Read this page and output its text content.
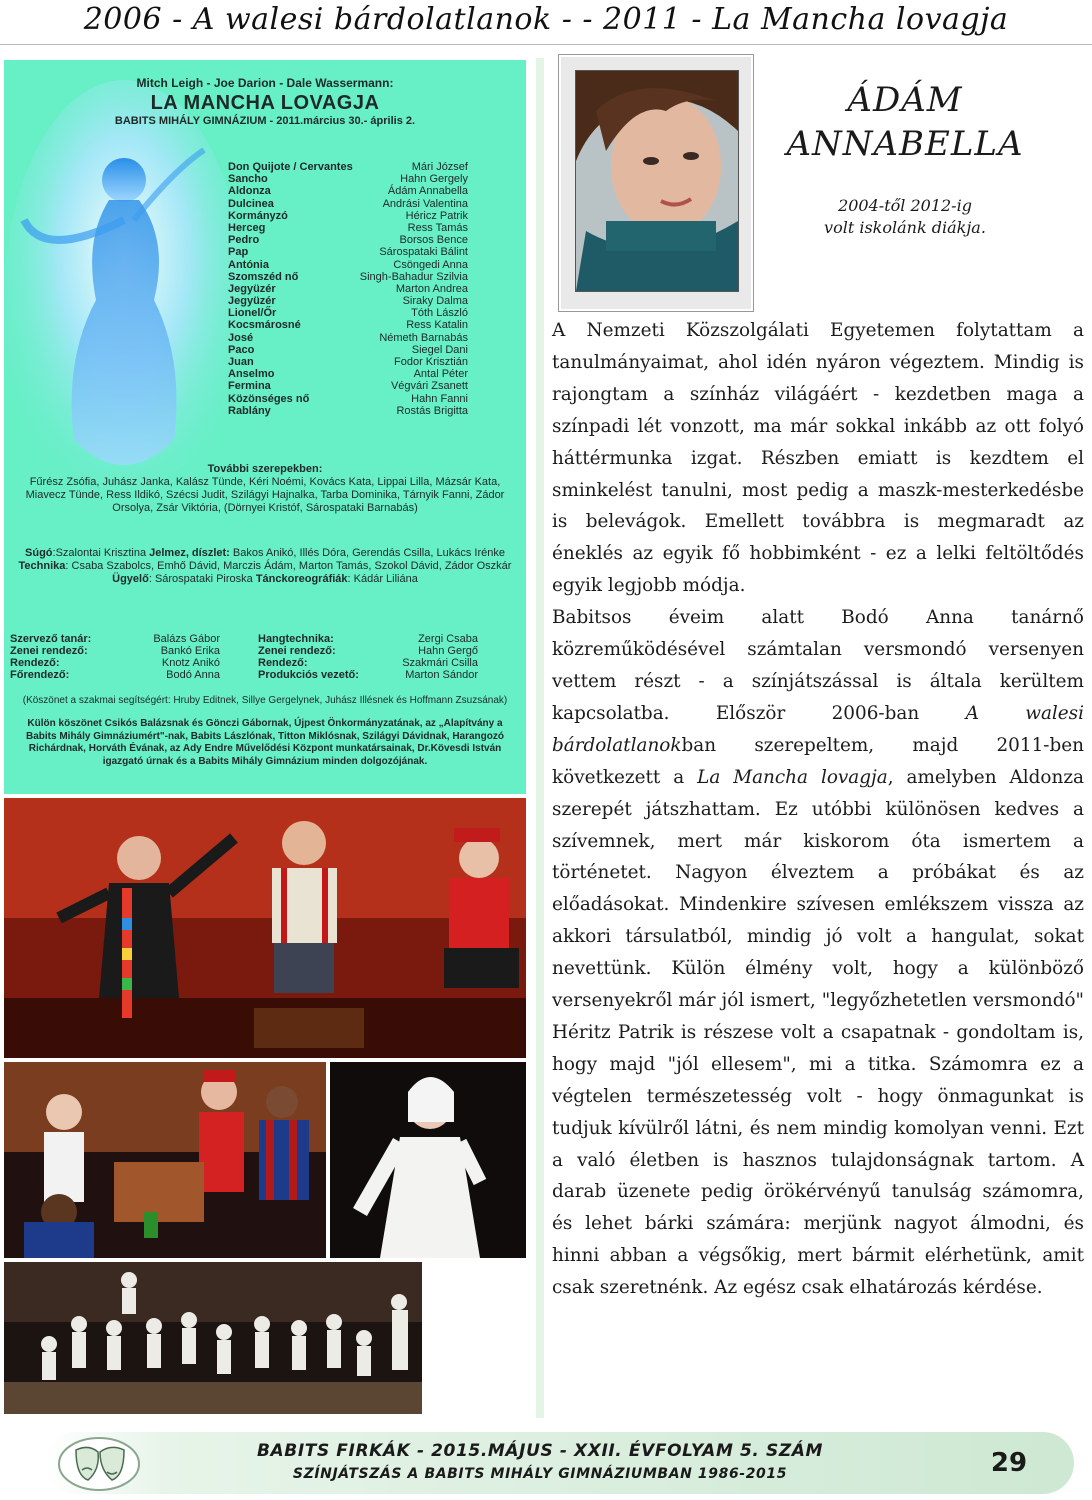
2006 - A walesi bárdolatlanok - - 2011 - La Mancha lovagja
Mitch Leigh - Joe Darion - Dale Wassermann:
LA MANCHA LOVAGJA
BABITS MIHÁLY GIMNÁZIUM - 2011.március 30.- április 2.
Don Quijote / Cervantes	Mári József
Sancho	Hahn Gergely
Aldonza	Ádám Annabella
Dulcinea	Andrási Valentina
Kormányzó	Héricz Patrik
Herceg	Ress Tamás
Pedro	Borsos Bence
Pap	Sárospataki Bálint
Antónia	Csöngedi Anna
Szomszéd nő	Singh-Bahadur Szilvia
Jegyüzér	Marton Andrea
Jegyüzér	Siraky Dalma
Lionel/Őr	Tóth László
Kocsmárosné	Ress Katalin
José	Németh Barnabás
Paco	Siegel Dani
Juan	Fodor Krisztián
Anselmo	Antal Péter
Fermina	Végvári Zsanett
Közönséges nő	Hahn Fanni
Rablány	Rostás Brigitta
További szerepekben:
Fűrész Zsófia, Juhász Janka, Kalász Tünde, Kéri Noémi, Kovács Kata, Lippai Lilla, Mázsár Kata, Miavecz Tünde, Ress Ildikó, Szécsi Judit, Szilágyi Hajnalka, Tarba Dominika, Tárnyik Fanni, Zádor Orsolya, Zsár Viktória, (Dörnyei Kristóf, Sárospataki Barnabás)
Súgó:Szalontai Krisztina Jelmez, díszlet: Bakos Anikó, Illés Dóra, Gerendás Csilla, Lukács Irénke Technika: Csaba Szabolcs, Emhő Dávid, Marczis Ádám, Marton Tamás, Szokol Dávid, Zádor Oszkár Ügyelő: Sárospataki Piroska Tánckoreográfiák: Kádár Liliána
Szervező tanár:	Balázs Gábor
Zenei rendező:	Bankó Erika
Rendező:	Knotz Anikó
Főrendező:	Bodó Anna
Hangtechnika:	Zergi Csaba
Zenei rendező:	Hahn Gergő
Rendező:	Szakmári Csilla
Produkciós vezető:	Marton Sándor
(Köszönet a szakmai segítségért: Hruby Editnek, Sillye Gergelynek, Juhász Illésnek és Hoffmann Zsuzsának)
Külön köszönet Csikós Balázsnak és Gönczi Gábornak, Újpest Önkormányzatának, az „Alapítvány a Babits Mihály Gimnáziumért"-nak, Babits Lászlónak, Titton Miklósnak, Szilágyi Dávidnak, Harangozó Richárdnak, Horváth Évának, az Ady Endre Művelődési Központ munkatársainak, Dr.Kövesdi István igazgató úrnak és a Babits Mihály Gimnázium minden dolgozójának.
ÁDÁM
ANNABELLA
2004-től 2012-ig
volt iskolánk diákja.

A Nemzeti Közszolgálati Egyetemen folytattam a tanulmányaimat, ahol idén nyáron végeztem. Mindig is rajongtam a színház világáért - kezdetben maga a színpadi lét vonzott, ma már sokkal inkább az ott folyó háttérmunka izgat. Részben emiatt is kezdtem el sminkelést tanulni, most pedig a maszk-mesterkedésbe is belevágok. Emellett továbbra is megmaradt az éneklés az egyik fő hobbimként - ez a lelki feltöltődés egyik legjobb módja.

Babitsos éveim alatt Bodó Anna tanárnő közreműködésével számtalan versmondó versenyen vettem részt - a színjátszással is általa kerültem kapcsolatba. Először 2006-ban A walesi bárdolatlanokban szerepeltem, majd 2011-ben következett a La Mancha lovagja, amelyben Aldonza szerepét játszhattam. Ez utóbbi különösen kedves a szívemnek, mert már kiskorom óta ismertem a történetet. Nagyon élveztem a próbákat és az előadásokat. Mindenkire szívesen emlékszem vissza az akkori társulatból, mindig jó volt a hangulat, sokat nevettünk. Külön élmény volt, hogy a különböző versenyekről már jól ismert, "legyőzhetetlen versmondó" Héritz Patrik is részese volt a csapatnak - gondoltam is, hogy majd "jól ellesem", mi a titka. Számomra ez a végtelen természetesség volt - hogy önmagunkat is tudjuk kívülről látni, és nem mindig komolyan venni. Ezt a való életben is hasznos tulajdonságnak tartom. A darab üzenete pedig örökérvényű tanulság számomra, és lehet bárki számára: merjünk nagyot álmodni, és hinni abban a végsőkig, mert bármit elérhetünk, amit csak szeretnénk. Az egész csak elhatározás kérdése.

BABITS FIRKÁK - 2015.MÁJUS - XXII. ÉVFOLYAM 5. SZÁM
SZÍNJÁTSZÁS A BABITS MIHÁLY GIMNÁZIUMBAN 1986-2015	29
